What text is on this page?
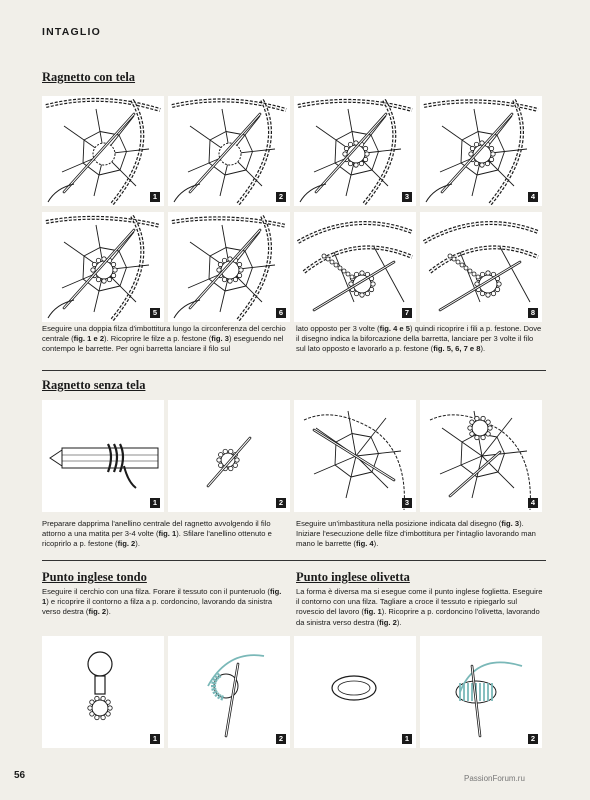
INTAGLIO
Ragnetto con tela
Eseguire una doppia filza d'imbottitura lungo la circonferenza del cerchio centrale (fig. 1 e 2). Ricoprire le filze a p. festone (fig. 3) eseguendo nel contempo le barrette. Per ogni barretta lanciare il filo sul
lato opposto per 3 volte (fig. 4 e 5) quindi ricoprire i fili a p. festone. Dove il disegno indica la biforcazione della barretta, lanciare per 3 volte il filo sul lato opposto e lavorarlo a p. festone (fig. 5, 6, 7 e 8).
Ragnetto senza tela
Preparare dapprima l'anellino centrale del ragnetto avvolgendo il filo attorno a una matita per 3-4 volte (fig. 1). Sfilare l'anellino ottenuto e ricoprirlo a p. festone (fig. 2).
Eseguire un'imbastitura nella posizione indicata dal disegno (fig. 3). Iniziare l'esecuzione delle filze d'imbottitura per l'intaglio lavorando man mano le barrette (fig. 4).
Punto inglese tondo
Eseguire il cerchio con una filza. Forare il tessuto con il punteruolo (fig. 1) e ricoprire il contorno a filza a p. cordoncino, lavorando da sinistra verso destra (fig. 2).
Punto inglese olivetta
La forma è diversa ma si esegue come il punto inglese foglietta. Eseguire il contorno con una filza. Tagliare a croce il tessuto e ripiegarlo sul rovescio del lavoro (fig. 1). Ricoprire a p. cordoncino l'olivetta, lavorando da sinistra verso destra (fig. 2).
56	PassionForum.ru
1	2	3	4
5	6	7	8
1	2	3	4
1	2	1	2
